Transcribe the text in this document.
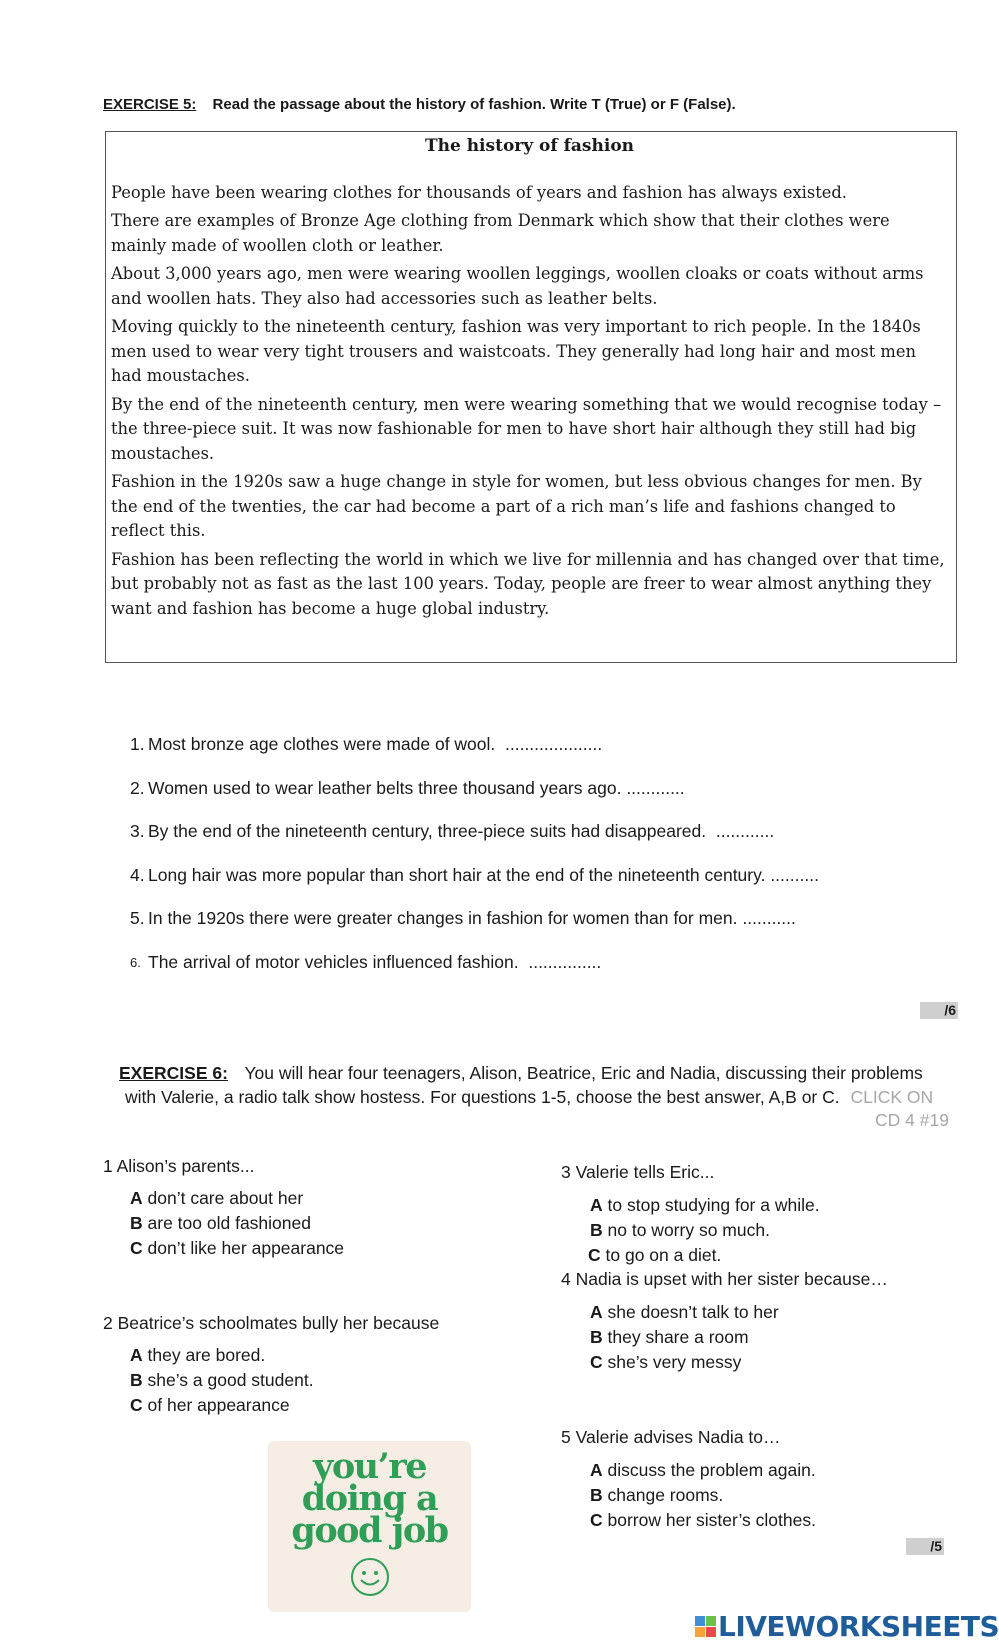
EXERCISE 5: Read the passage about the history of fashion. Write T (True) or F (False).
The history of fashion

People have been wearing clothes for thousands of years and fashion has always existed.

There are examples of Bronze Age clothing from Denmark which show that their clothes were mainly made of woollen cloth or leather.

About 3,000 years ago, men were wearing woollen leggings, woollen cloaks or coats without arms and woollen hats. They also had accessories such as leather belts.

Moving quickly to the nineteenth century, fashion was very important to rich people. In the 1840s men used to wear very tight trousers and waistcoats. They generally had long hair and most men had moustaches.

By the end of the nineteenth century, men were wearing something that we would recognise today – the three-piece suit. It was now fashionable for men to have short hair although they still had big moustaches.

Fashion in the 1920s saw a huge change in style for women, but less obvious changes for men. By the end of the twenties, the car had become a part of a rich man’s life and fashions changed to reflect this.

Fashion has been reflecting the world in which we live for millennia and has changed over that time, but probably not as fast as the last 100 years. Today, people are freer to wear almost anything they want and fashion has become a huge global industry.

1. Most bronze age clothes were made of wool.
....................
2. Women used to wear leather belts three thousand years ago.
............
3. By the end of the nineteenth century, three-piece suits had disappeared.
............
4. Long hair was more popular than short hair at the end of the nineteenth century.
..........
5. In the 1920s there were greater changes in fashion for women than for men.
...........
6. The arrival of motor vehicles influenced fashion.
...............
/6
EXERCISE 6: You will hear four teenagers, Alison, Beatrice, Eric and Nadia, discussing their problems
with Valerie, a radio talk show hostess. For questions 1-5, choose the best answer, A,B or C. CLICK ON
CD 4 #19
1 Alison’s parents...
A don’t care about her
B are too old fashioned
C don’t like her appearance
2 Beatrice’s schoolmates bully her because
A they are bored.
B she’s a good student.
C of her appearance
3 Valerie tells Eric...
A to stop studying for a while.
B no to worry so much.
C to go on a diet.
4 Nadia is upset with her sister because…
A she doesn’t talk to her
B they share a room
C she’s very messy
5 Valerie advises Nadia to…
A discuss the problem again.
B change rooms.
C borrow her sister’s clothes.
/5
you’re
doing a
good job
LIVEWORKSHEETS
